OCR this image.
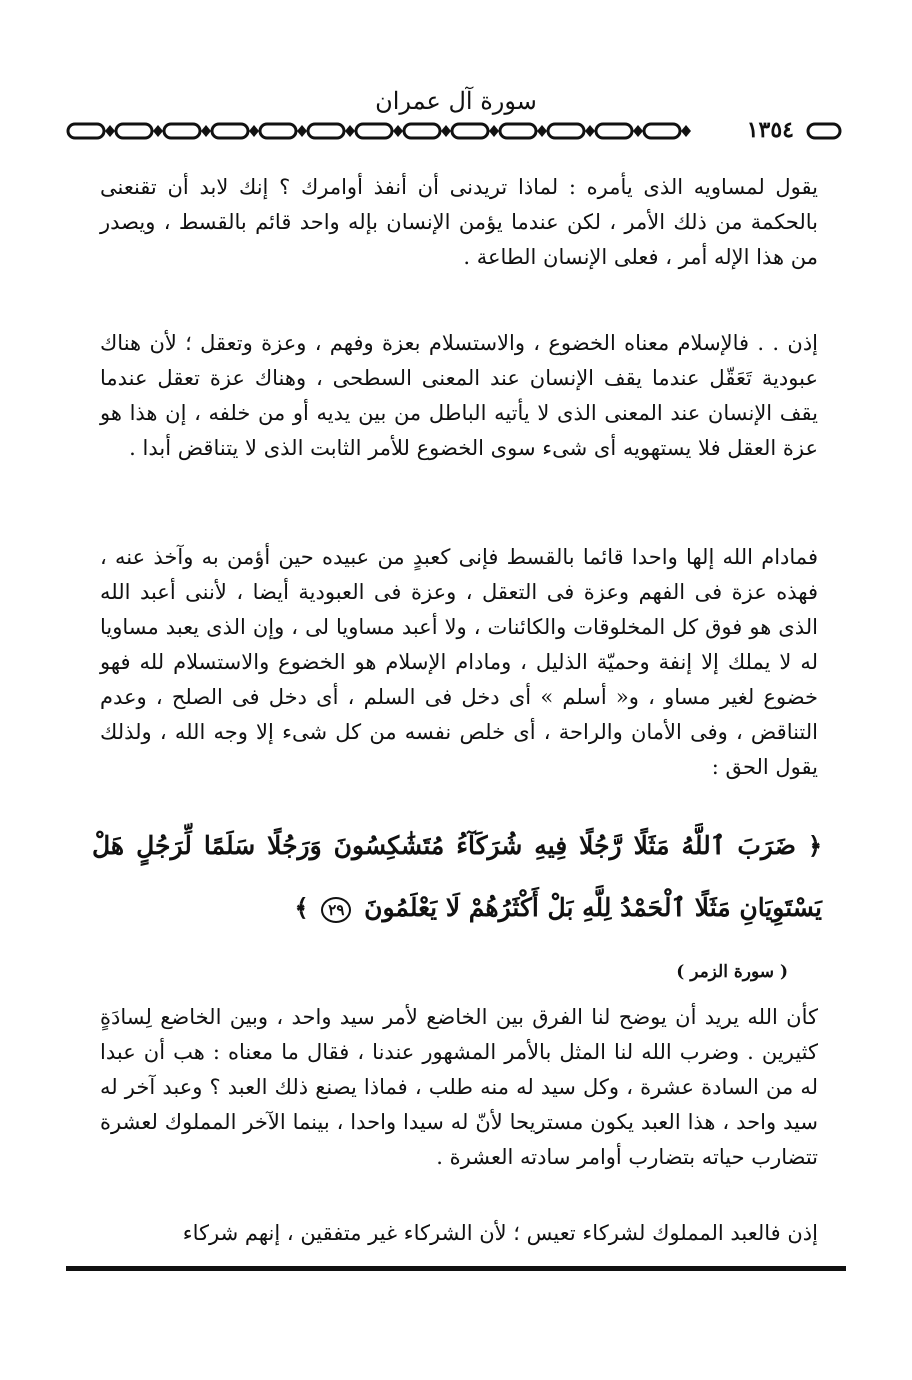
سورة آل عمران
١٣٥٤

يقول لمساويه الذى يأمره : لماذا تريدنى أن أنفذ أوامرك ؟ إنك لابد أن تقنعنى بالحكمة من ذلك الأمر ، لكن عندما يؤمن الإنسان بإله واحد قائم بالقسط ، ويصدر من هذا الإله أمر ، فعلى الإنسان الطاعة .

إذن . . فالإسلام معناه الخضوع ، والاستسلام بعزة وفهم ، وعزة وتعقل ؛ لأن هناك عبودية تَعَقّل عندما يقف الإنسان عند المعنى السطحى ، وهناك عزة تعقل عندما يقف الإنسان عند المعنى الذى لا يأتيه الباطل من بين يديه أو من خلفه ، إن هذا هو عزة العقل فلا يستهويه أى شىء سوى الخضوع للأمر الثابت الذى لا يتناقض أبدا .

فمادام الله إلها واحدا قائما بالقسط فإنى كعبدٍ من عبيده حين أؤمن به وآخذ عنه ، فهذه عزة فى الفهم وعزة فى التعقل ، وعزة فى العبودية أيضا ، لأننى أعبد الله الذى هو فوق كل المخلوقات والكائنات ، ولا أعبد مساويا لى ، وإن الذى يعبد مساويا له لا يملك إلا إنفة وحميّة الذليل ، ومادام الإسلام هو الخضوع والاستسلام لله فهو خضوع لغير مساو ، و« أسلم » أى دخل فى السلم ، أى دخل فى الصلح ، وعدم التناقض ، وفى الأمان والراحة ، أى خلص نفسه من كل شىء إلا وجه الله ، ولذلك يقول الحق :

﴿ ضَرَبَ ٱللَّهُ مَثَلًا رَّجُلًا فِيهِ شُرَكَآءُ مُتَشَٰكِسُونَ وَرَجُلًا سَلَمًا لِّرَجُلٍ هَلْ يَسْتَوِيَانِ مَثَلًا ٱلْحَمْدُ لِلَّهِ بَلْ أَكْثَرُهُمْ لَا يَعْلَمُونَ ٢٩ ﴾

( سورة الزمر )

كأن الله يريد أن يوضح لنا الفرق بين الخاضع لأمر سيد واحد ، وبين الخاضع لِسادَةٍ كثيرين . وضرب الله لنا المثل بالأمر المشهور عندنا ، فقال ما معناه : هب أن عبدا له من السادة عشرة ، وكل سيد له منه طلب ، فماذا يصنع ذلك العبد ؟ وعبد آخر له سيد واحد ، هذا العبد يكون مستريحا لأنّ له سيدا واحدا ، بينما الآخر المملوك لعشرة تتضارب حياته بتضارب أوامر سادته العشرة .

إذن فالعبد المملوك لشركاء تعيس ؛ لأن الشركاء غير متفقين ، إنهم شركاء
